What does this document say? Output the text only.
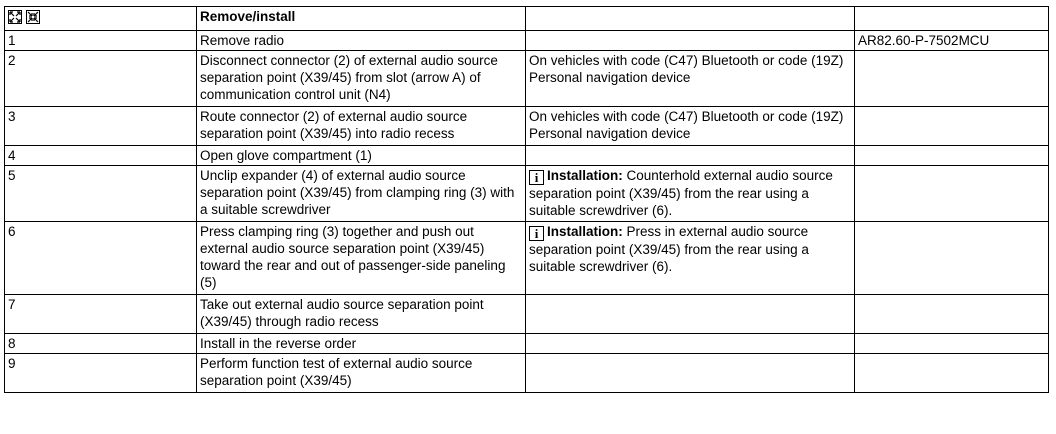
	Remove/install		
1	Remove radio		AR82.60-P-7502MCU
2	Disconnect connector (2) of external audio source separation point (X39/45) from slot (arrow A) of communication control unit (N4)	On vehicles with code (C47) Bluetooth or code (19Z) Personal navigation device	
3	Route connector (2) of external audio source separation point (X39/45) into radio recess	On vehicles with code (C47) Bluetooth or code (19Z) Personal navigation device	
4	Open glove compartment (1)		
5	Unclip expander (4) of external audio source separation point (X39/45) from clamping ring (3) with a suitable screwdriver	i Installation: Counterhold external audio source separation point (X39/45) from the rear using a suitable screwdriver (6).	
6	Press clamping ring (3) together and push out external audio source separation point (X39/45) toward the rear and out of passenger-side paneling (5)	i Installation: Press in external audio source separation point (X39/45) from the rear using a suitable screwdriver (6).	
7	Take out external audio source separation point (X39/45) through radio recess		
8	Install in the reverse order		
9	Perform function test of external audio source separation point (X39/45)		
